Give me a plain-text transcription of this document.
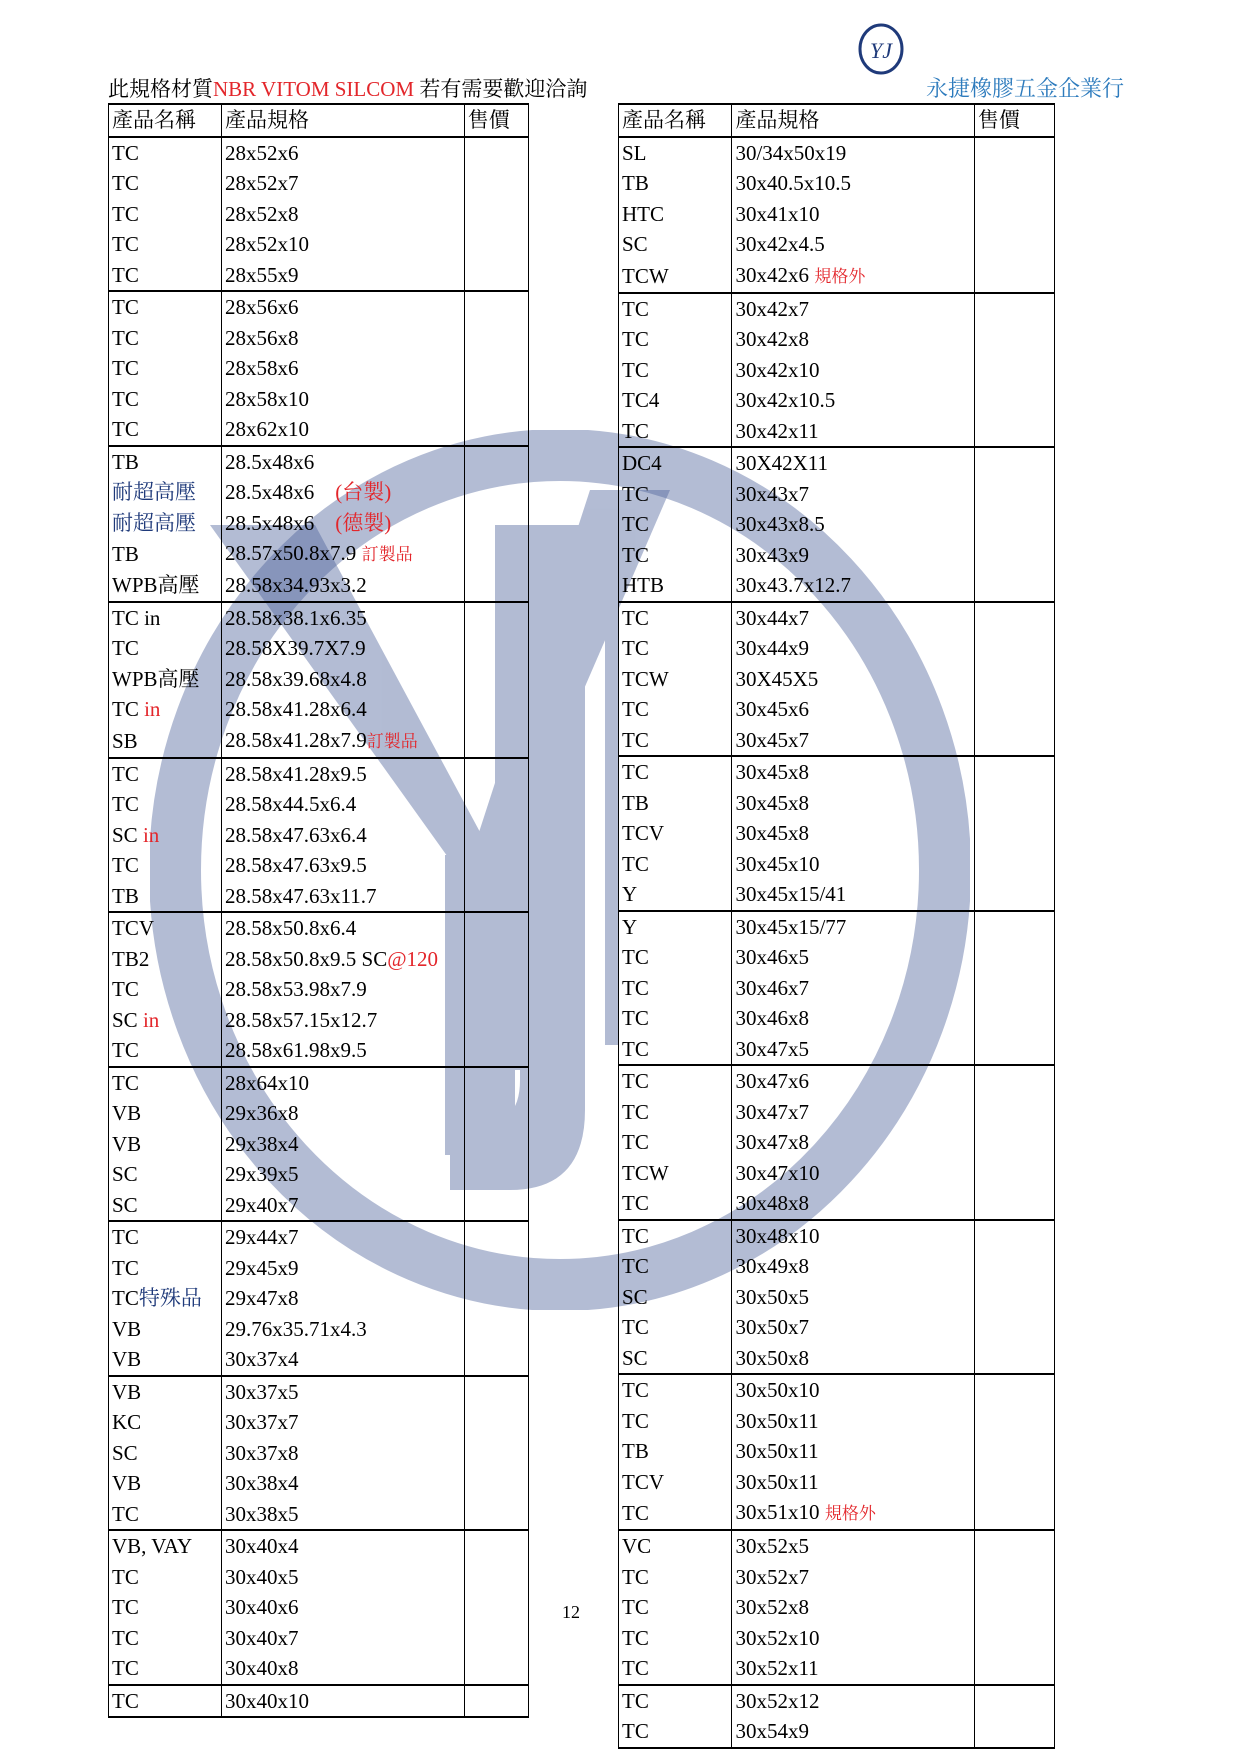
YJ
此規格材質NBR VITOM SILCOM 若有需要歡迎洽詢	永捷橡膠五金企業行
產品名稱	產品規格	售價
TC	28x52x6	
TC	28x52x7	
TC	28x52x8	
TC	28x52x10	
TC	28x55x9	
TC	28x56x6	
TC	28x56x8	
TC	28x58x6	
TC	28x58x10	
TC	28x62x10	
TB	28.5x48x6	
耐超高壓	28.5x48x6　(台製)	
耐超高壓	28.5x48x6　(德製)	
TB	28.57x50.8x7.9 訂製品	
WPB高壓	28.58x34.93x3.2	
TC in	28.58x38.1x6.35	
TC	28.58X39.7X7.9	
WPB高壓	28.58x39.68x4.8	
TC in	28.58x41.28x6.4	
SB	28.58x41.28x7.9訂製品	
TC	28.58x41.28x9.5	
TC	28.58x44.5x6.4	
SC in	28.58x47.63x6.4	
TC	28.58x47.63x9.5	
TB	28.58x47.63x11.7	
TCV	28.58x50.8x6.4	
TB2	28.58x50.8x9.5 SC@120	
TC	28.58x53.98x7.9	
SC in	28.58x57.15x12.7	
TC	28.58x61.98x9.5	
TC	28x64x10	
VB	29x36x8	
VB	29x38x4	
SC	29x39x5	
SC	29x40x7	
TC	29x44x7	
TC	29x45x9	
TC特殊品	29x47x8	
VB	29.76x35.71x4.3	
VB	30x37x4	
VB	30x37x5	
KC	30x37x7	
SC	30x37x8	
VB	30x38x4	
TC	30x38x5	
VB, VAY	30x40x4	
TC	30x40x5	
TC	30x40x6	
TC	30x40x7	
TC	30x40x8	
TC	30x40x10	
產品名稱	產品規格	售價
SL	30/34x50x19	
TB	30x40.5x10.5	
HTC	30x41x10	
SC	30x42x4.5	
TCW	30x42x6 規格外	
TC	30x42x7	
TC	30x42x8	
TC	30x42x10	
TC4	30x42x10.5	
TC	30x42x11	
DC4	30X42X11	
TC	30x43x7	
TC	30x43x8.5	
TC	30x43x9	
HTB	30x43.7x12.7	
TC	30x44x7	
TC	30x44x9	
TCW	30X45X5	
TC	30x45x6	
TC	30x45x7	
TC	30x45x8	
TB	30x45x8	
TCV	30x45x8	
TC	30x45x10	
Y	30x45x15/41	
Y	30x45x15/77	
TC	30x46x5	
TC	30x46x7	
TC	30x46x8	
TC	30x47x5	
TC	30x47x6	
TC	30x47x7	
TC	30x47x8	
TCW	30x47x10	
TC	30x48x8	
TC	30x48x10	
TC	30x49x8	
SC	30x50x5	
TC	30x50x7	
SC	30x50x8	
TC	30x50x10	
TC	30x50x11	
TB	30x50x11	
TCV	30x50x11	
TC	30x51x10 規格外	
VC	30x52x5	
TC	30x52x7	
TC	30x52x8	
TC	30x52x10	
TC	30x52x11	
TC	30x52x12	
TC	30x54x9	
12
